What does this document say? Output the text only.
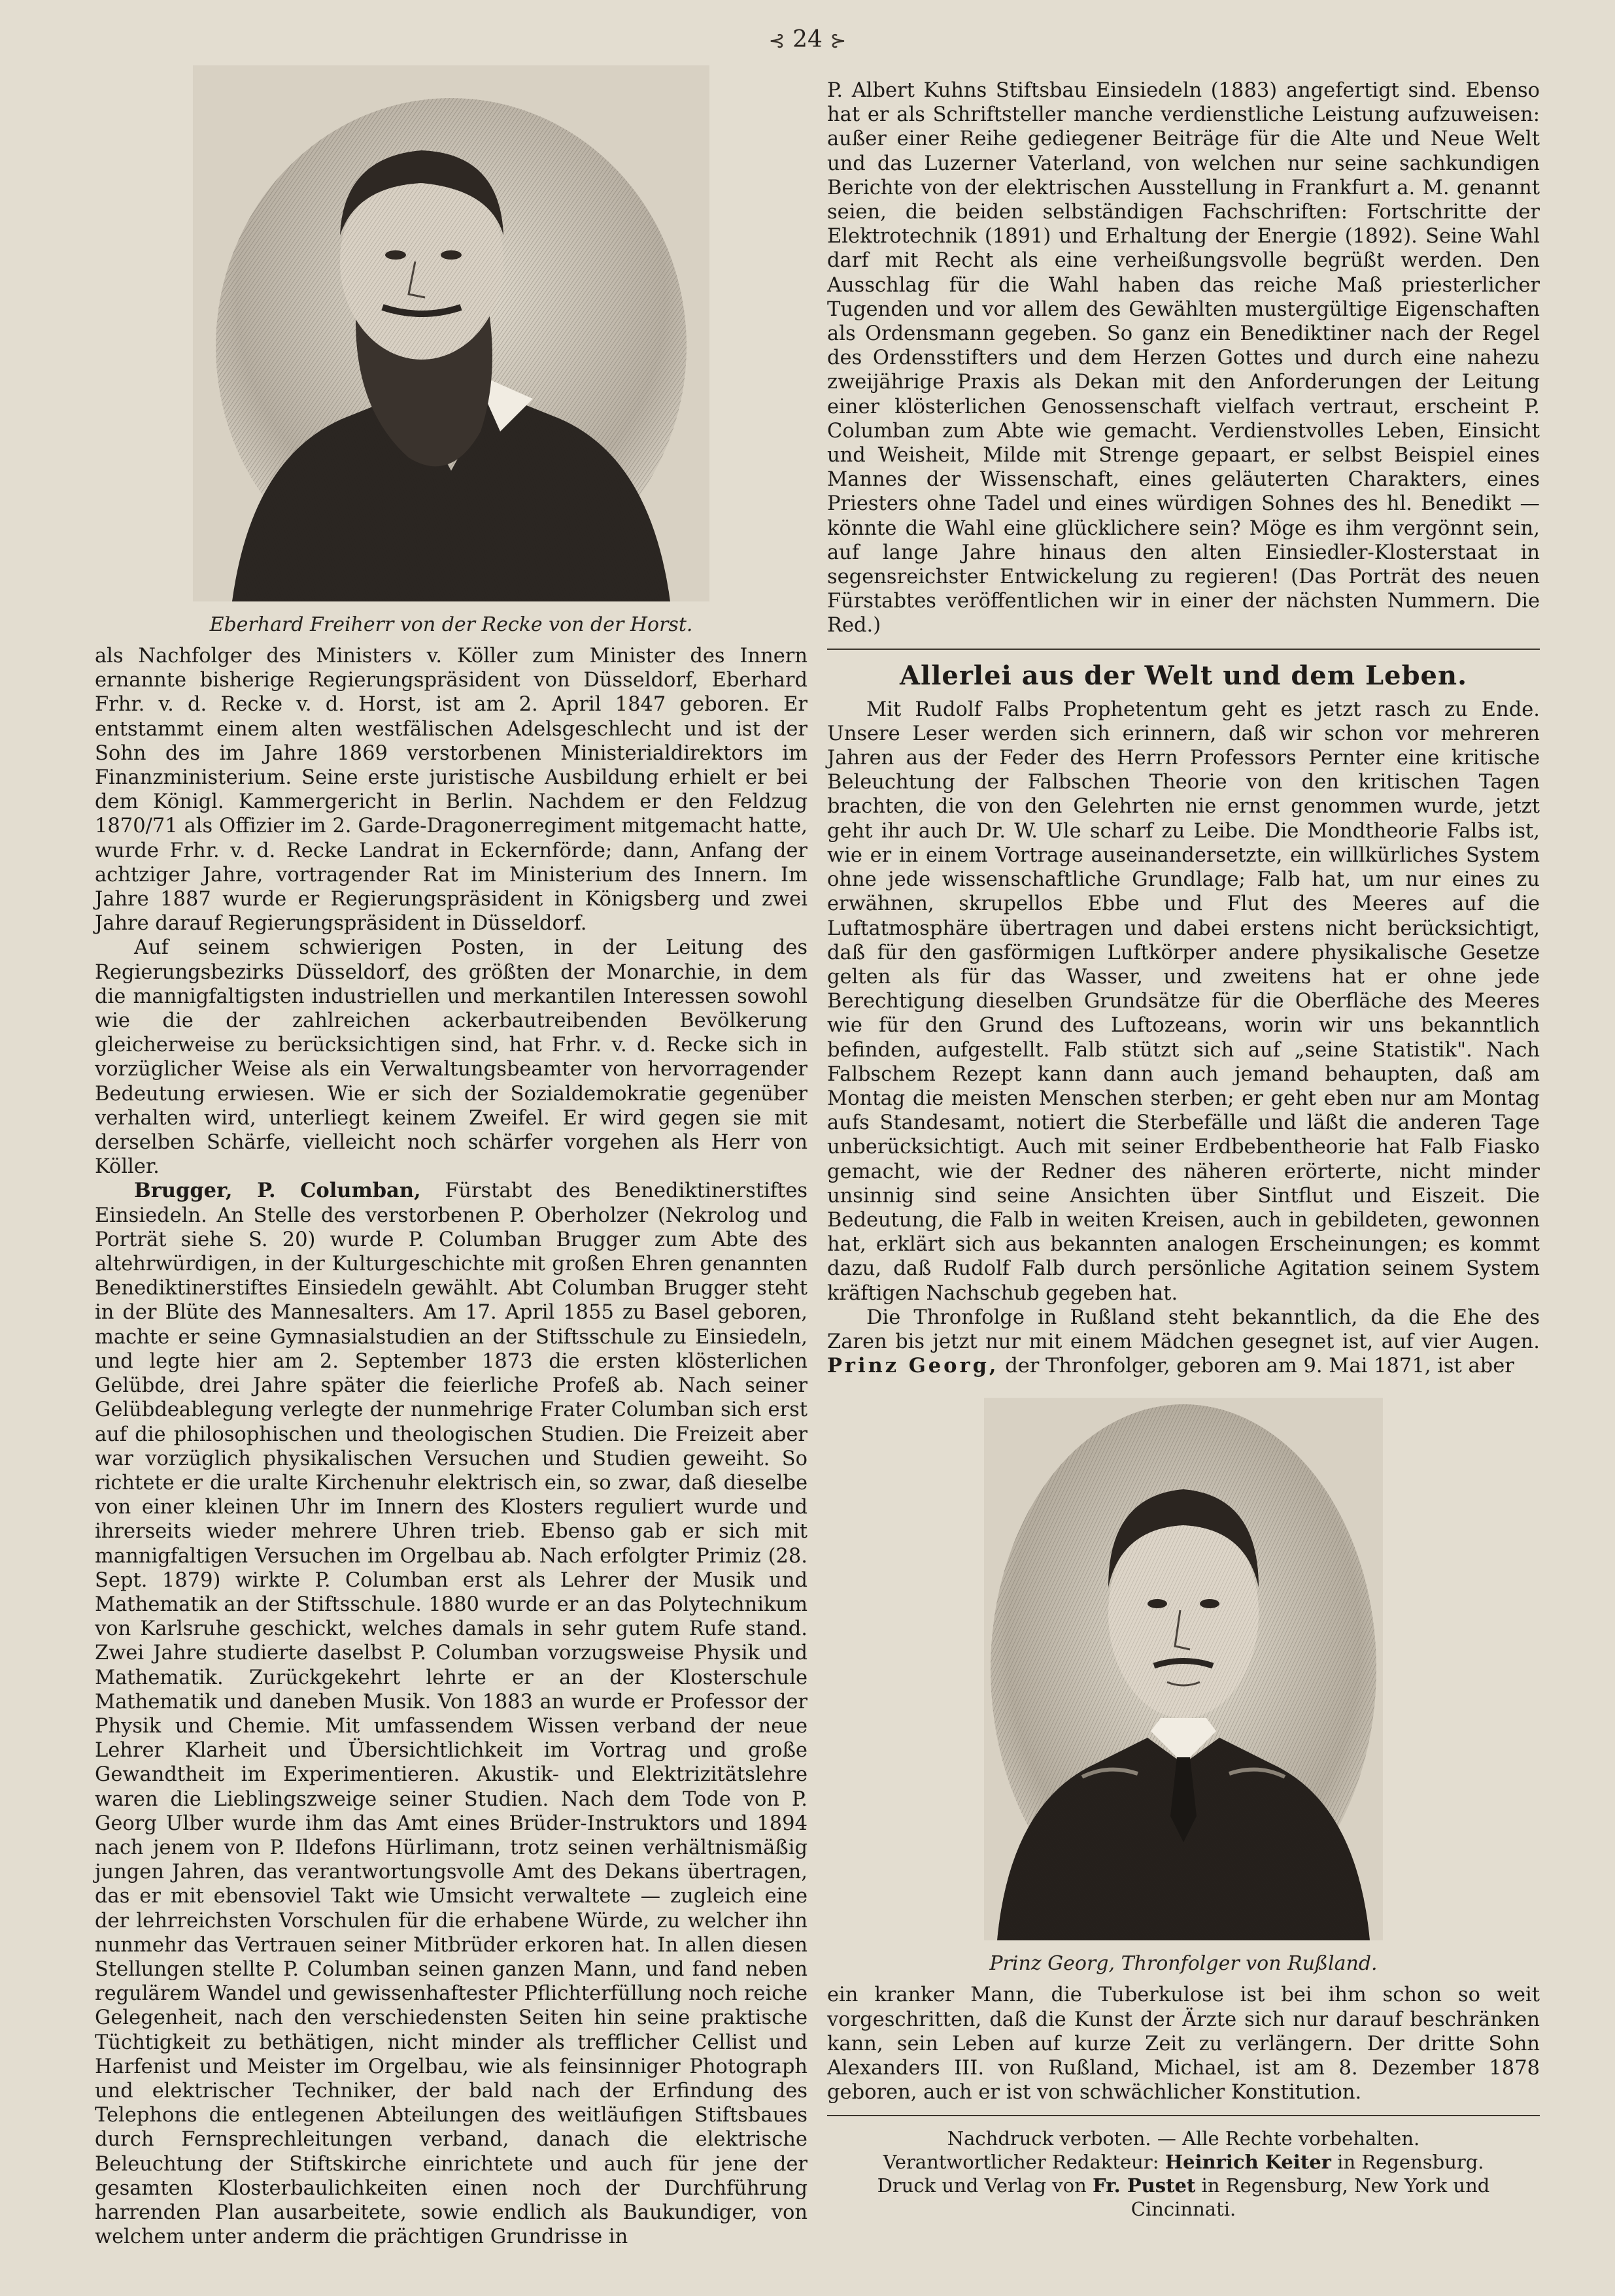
⊰ 24 ⊱
Eberhard Freiherr von der Recke von der Horst.

als Nachfolger des Ministers v. Köller zum Minister des Innern ernannte bisherige Regierungspräsident von Düsseldorf, Eberhard Frhr. v. d. Recke v. d. Horst, ist am 2. April 1847 geboren. Er entstammt einem alten westfälischen Adelsgeschlecht und ist der Sohn des im Jahre 1869 verstorbenen Ministerialdirektors im Finanzministerium. Seine erste juristische Ausbildung erhielt er bei dem Königl. Kammergericht in Berlin. Nachdem er den Feldzug 1870/71 als Offizier im 2. Garde-Dragonerregiment mitgemacht hatte, wurde Frhr. v. d. Recke Landrat in Eckernförde; dann, Anfang der achtziger Jahre, vortragender Rat im Ministerium des Innern. Im Jahre 1887 wurde er Regierungspräsident in Königsberg und zwei Jahre darauf Regierungspräsident in Düsseldorf.

Auf seinem schwierigen Posten, in der Leitung des Regierungsbezirks Düsseldorf, des größten der Monarchie, in dem die mannigfaltigsten industriellen und merkantilen Interessen sowohl wie die der zahlreichen ackerbautreibenden Bevölkerung gleicherweise zu berücksichtigen sind, hat Frhr. v. d. Recke sich in vorzüglicher Weise als ein Verwaltungsbeamter von hervorragender Bedeutung erwiesen. Wie er sich der Sozialdemokratie gegenüber verhalten wird, unterliegt keinem Zweifel. Er wird gegen sie mit derselben Schärfe, vielleicht noch schärfer vorgehen als Herr von Köller.

Brugger, P. Columban, Fürstabt des Benediktinerstiftes Einsiedeln. An Stelle des verstorbenen P. Oberholzer (Nekrolog und Porträt siehe S. 20) wurde P. Columban Brugger zum Abte des altehrwürdigen, in der Kulturgeschichte mit großen Ehren genannten Benediktinerstiftes Einsiedeln gewählt. Abt Columban Brugger steht in der Blüte des Mannesalters. Am 17. April 1855 zu Basel geboren, machte er seine Gymnasialstudien an der Stiftsschule zu Einsiedeln, und legte hier am 2. September 1873 die ersten klösterlichen Gelübde, drei Jahre später die feierliche Profeß ab. Nach seiner Gelübdeablegung verlegte der nunmehrige Frater Columban sich erst auf die philosophischen und theologischen Studien. Die Freizeit aber war vorzüglich physikalischen Versuchen und Studien geweiht. So richtete er die uralte Kirchenuhr elektrisch ein, so zwar, daß dieselbe von einer kleinen Uhr im Innern des Klosters reguliert wurde und ihrerseits wieder mehrere Uhren trieb. Ebenso gab er sich mit mannigfaltigen Versuchen im Orgelbau ab. Nach erfolgter Primiz (28. Sept. 1879) wirkte P. Columban erst als Lehrer der Musik und Mathematik an der Stiftsschule. 1880 wurde er an das Polytechnikum von Karlsruhe geschickt, welches damals in sehr gutem Rufe stand. Zwei Jahre studierte daselbst P. Columban vorzugsweise Physik und Mathematik. Zurückgekehrt lehrte er an der Klosterschule Mathematik und daneben Musik. Von 1883 an wurde er Professor der Physik und Chemie. Mit umfassendem Wissen verband der neue Lehrer Klarheit und Übersichtlichkeit im Vortrag und große Gewandtheit im Experimentieren. Akustik- und Elektrizitätslehre waren die Lieblingszweige seiner Studien. Nach dem Tode von P. Georg Ulber wurde ihm das Amt eines Brüder-Instruktors und 1894 nach jenem von P. Ildefons Hürlimann, trotz seinen verhältnismäßig jungen Jahren, das verantwortungsvolle Amt des Dekans übertragen, das er mit ebensoviel Takt wie Umsicht verwaltete — zugleich eine der lehrreichsten Vorschulen für die erhabene Würde, zu welcher ihn nunmehr das Vertrauen seiner Mitbrüder erkoren hat. In allen diesen Stellungen stellte P. Columban seinen ganzen Mann, und fand neben regulärem Wandel und gewissenhaftester Pflichterfüllung noch reiche Gelegenheit, nach den verschiedensten Seiten hin seine praktische Tüchtigkeit zu bethätigen, nicht minder als trefflicher Cellist und Harfenist und Meister im Orgelbau, wie als feinsinniger Photograph und elektrischer Techniker, der bald nach der Erfindung des Telephons die entlegenen Abteilungen des weitläufigen Stiftsbaues durch Fernsprechleitungen verband, danach die elektrische Beleuchtung der Stiftskirche einrichtete und auch für jene der gesamten Klosterbaulichkeiten einen noch der Durchführung harrenden Plan ausarbeitete, sowie endlich als Baukundiger, von welchem unter anderm die prächtigen Grundrisse in

P. Albert Kuhns Stiftsbau Einsiedeln (1883) angefertigt sind. Ebenso hat er als Schriftsteller manche verdienstliche Leistung aufzuweisen: außer einer Reihe gediegener Beiträge für die Alte und Neue Welt und das Luzerner Vaterland, von welchen nur seine sachkundigen Berichte von der elektrischen Ausstellung in Frankfurt a. M. genannt seien, die beiden selbständigen Fachschriften: Fortschritte der Elektrotechnik (1891) und Erhaltung der Energie (1892). Seine Wahl darf mit Recht als eine verheißungsvolle begrüßt werden. Den Ausschlag für die Wahl haben das reiche Maß priesterlicher Tugenden und vor allem des Gewählten mustergültige Eigenschaften als Ordensmann gegeben. So ganz ein Benediktiner nach der Regel des Ordensstifters und dem Herzen Gottes und durch eine nahezu zweijährige Praxis als Dekan mit den Anforderungen der Leitung einer klösterlichen Genossenschaft vielfach vertraut, erscheint P. Columban zum Abte wie gemacht. Verdienstvolles Leben, Einsicht und Weisheit, Milde mit Strenge gepaart, er selbst Beispiel eines Mannes der Wissenschaft, eines geläuterten Charakters, eines Priesters ohne Tadel und eines würdigen Sohnes des hl. Benedikt — könnte die Wahl eine glücklichere sein? Möge es ihm vergönnt sein, auf lange Jahre hinaus den alten Einsiedler-Klosterstaat in segensreichster Entwickelung zu regieren! (Das Porträt des neuen Fürstabtes veröffentlichen wir in einer der nächsten Nummern. Die Red.)

Allerlei aus der Welt und dem Leben.

Mit Rudolf Falbs Prophetentum geht es jetzt rasch zu Ende. Unsere Leser werden sich erinnern, daß wir schon vor mehreren Jahren aus der Feder des Herrn Professors Pernter eine kritische Beleuchtung der Falbschen Theorie von den kritischen Tagen brachten, die von den Gelehrten nie ernst genommen wurde, jetzt geht ihr auch Dr. W. Ule scharf zu Leibe. Die Mondtheorie Falbs ist, wie er in einem Vortrage auseinandersetzte, ein willkürliches System ohne jede wissenschaftliche Grundlage; Falb hat, um nur eines zu erwähnen, skrupellos Ebbe und Flut des Meeres auf die Luftatmosphäre übertragen und dabei erstens nicht berücksichtigt, daß für den gasförmigen Luftkörper andere physikalische Gesetze gelten als für das Wasser, und zweitens hat er ohne jede Berechtigung dieselben Grundsätze für die Oberfläche des Meeres wie für den Grund des Luftozeans, worin wir uns bekanntlich befinden, aufgestellt. Falb stützt sich auf „seine Statistik". Nach Falbschem Rezept kann dann auch jemand behaupten, daß am Montag die meisten Menschen sterben; er geht eben nur am Montag aufs Standesamt, notiert die Sterbefälle und läßt die anderen Tage unberücksichtigt. Auch mit seiner Erdbebentheorie hat Falb Fiasko gemacht, wie der Redner des näheren erörterte, nicht minder unsinnig sind seine Ansichten über Sintflut und Eiszeit. Die Bedeutung, die Falb in weiten Kreisen, auch in gebildeten, gewonnen hat, erklärt sich aus bekannten analogen Erscheinungen; es kommt dazu, daß Rudolf Falb durch persönliche Agitation seinem System kräftigen Nachschub gegeben hat.

Die Thronfolge in Rußland steht bekanntlich, da die Ehe des Zaren bis jetzt nur mit einem Mädchen gesegnet ist, auf vier Augen. Prinz Georg, der Thronfolger, geboren am 9. Mai 1871, ist aber

Prinz Georg, Thronfolger von Rußland.

ein kranker Mann, die Tuberkulose ist bei ihm schon so weit vorgeschritten, daß die Kunst der Ärzte sich nur darauf beschränken kann, sein Leben auf kurze Zeit zu verlängern. Der dritte Sohn Alexanders III. von Rußland, Michael, ist am 8. Dezember 1878 geboren, auch er ist von schwächlicher Konstitution.

Nachdruck verboten. — Alle Rechte vorbehalten.
Verantwortlicher Redakteur: Heinrich Keiter in Regensburg.
Druck und Verlag von Fr. Pustet in Regensburg, New York und Cincinnati.
